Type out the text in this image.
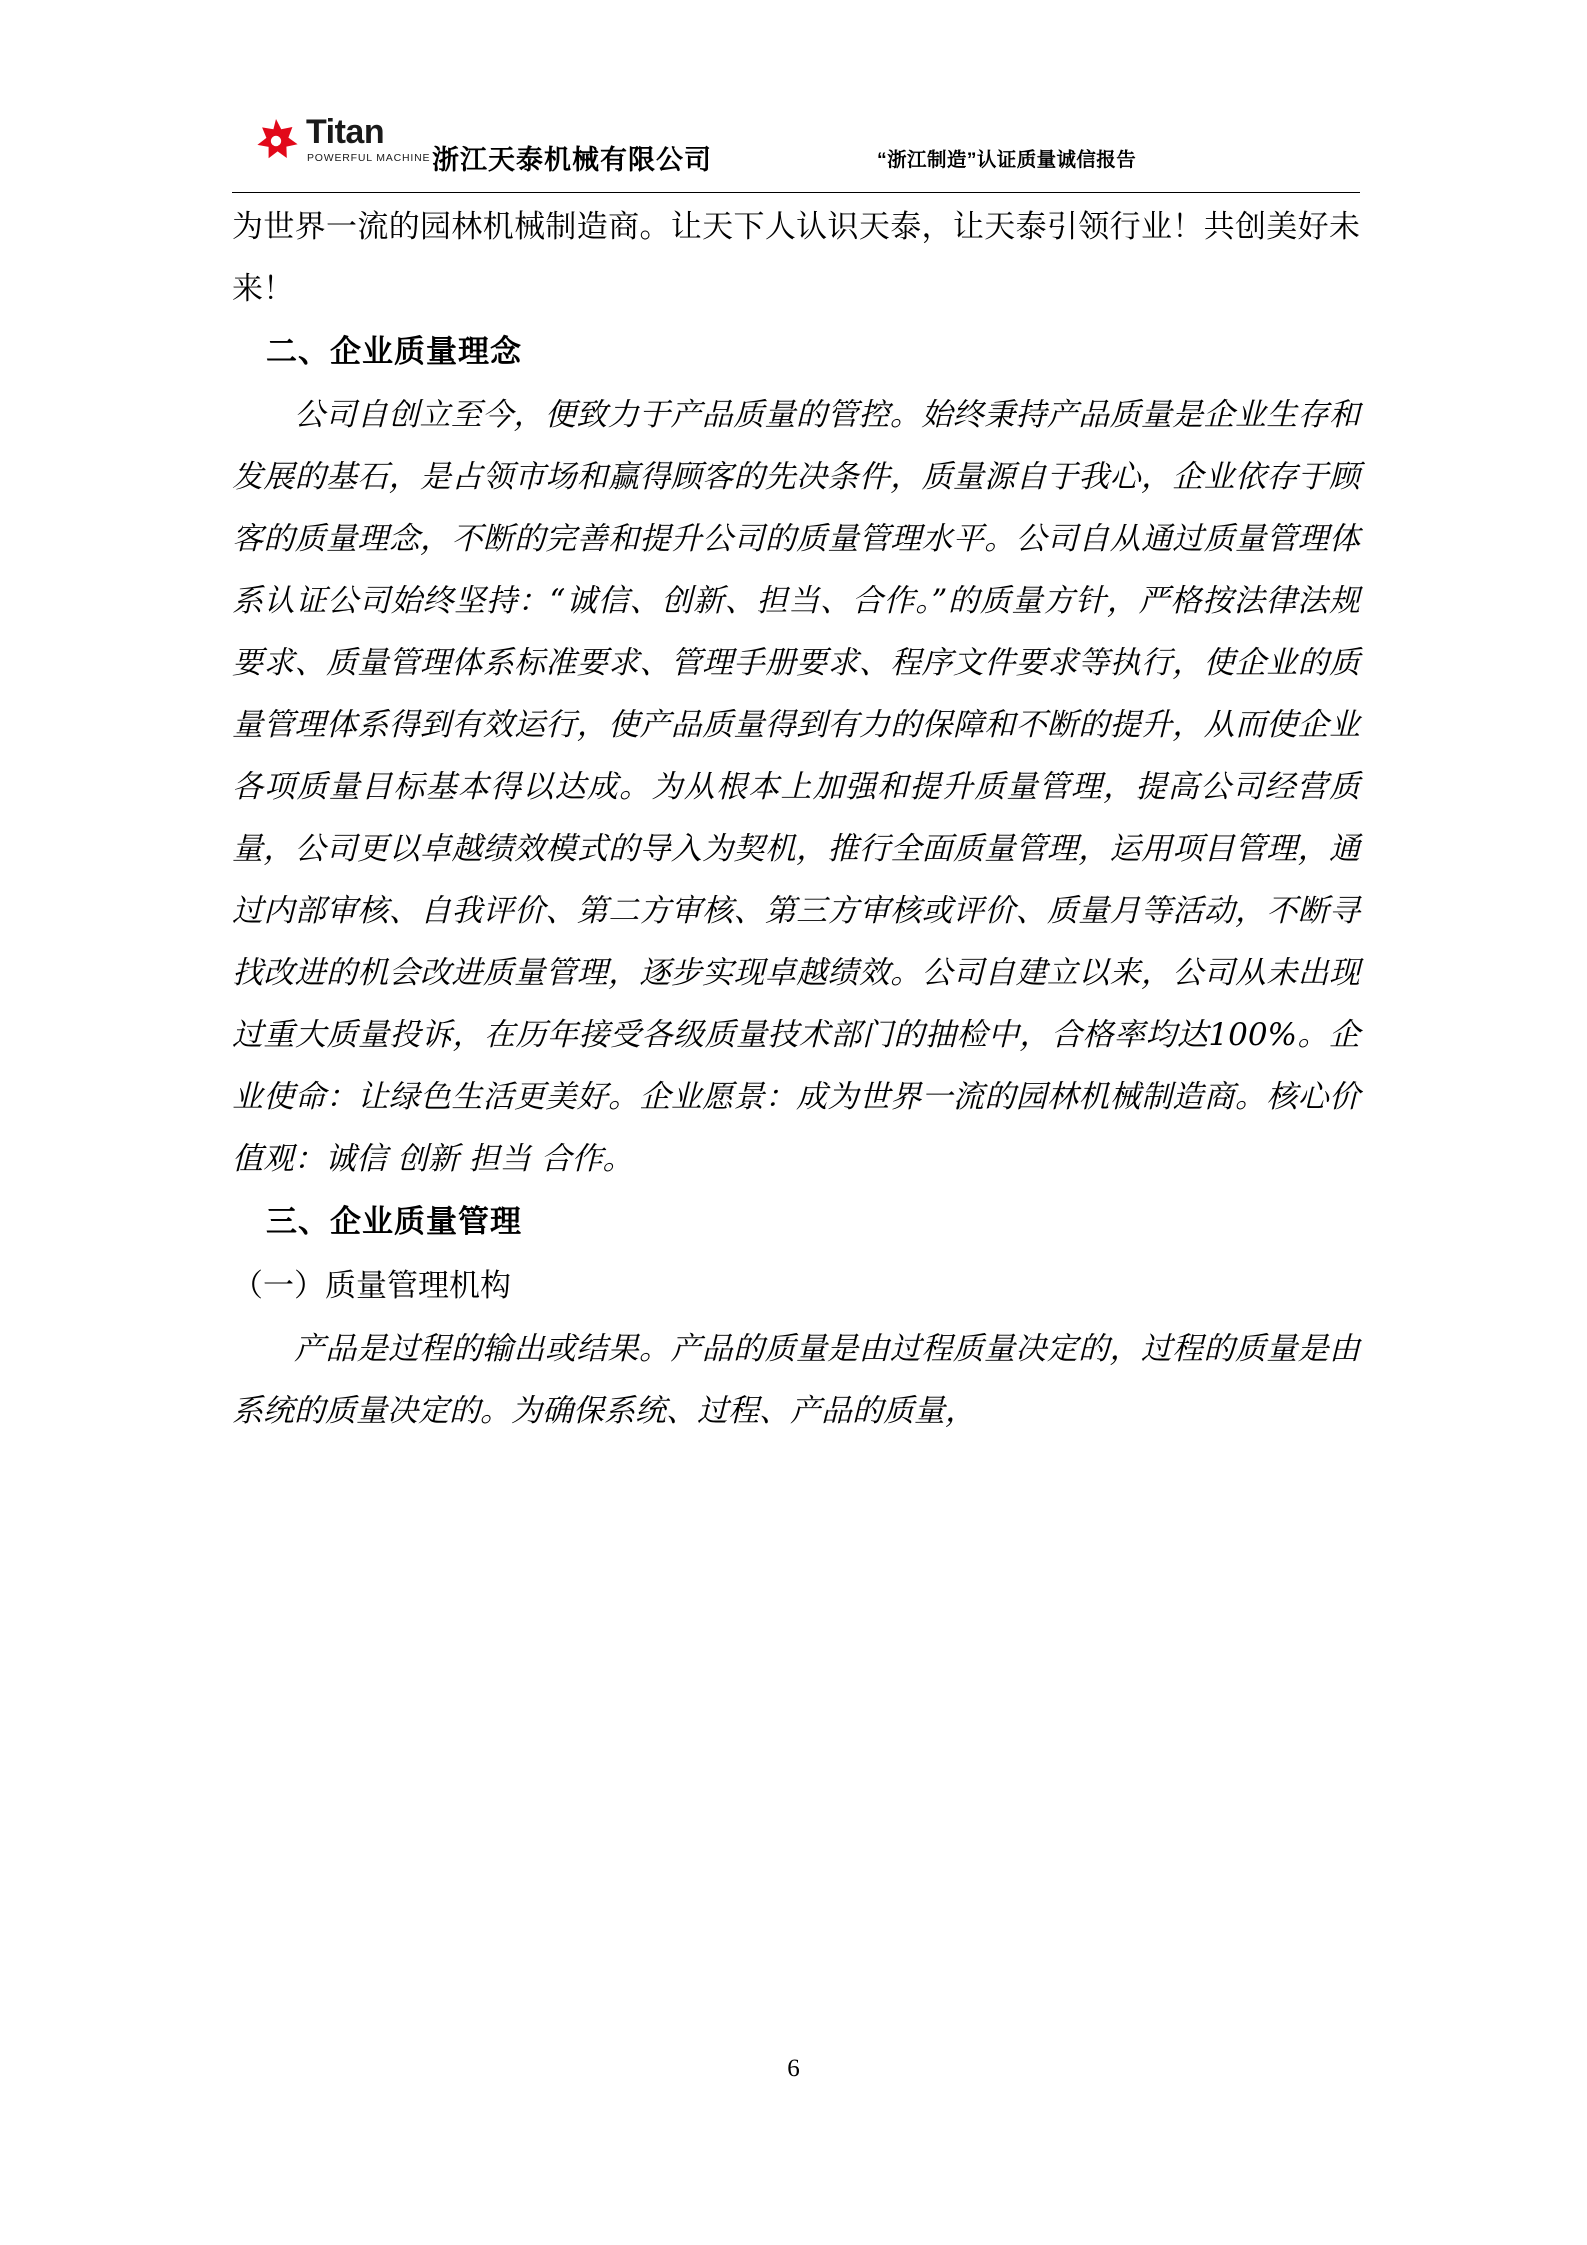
Titan
POWERFUL MACHINE 浙江天泰机械有限公司	“浙江制造”认证质量诚信报告

为世界一流的园林机械制造商。让天下人认识天泰，让天泰引领行业！共创美好未来！

二、企业质量理念

公司自创立至今，便致力于产品质量的管控。始终秉持产品质量是企业生存和发展的基石，是占领市场和赢得顾客的先决条件，质量源自于我心，企业依存于顾客的质量理念，不断的完善和提升公司的质量管理水平。公司自从通过质量管理体系认证公司始终坚持：“诚信、创新、担当、合作。”的质量方针，严格按法律法规要求、质量管理体系标准要求、管理手册要求、程序文件要求等执行，使企业的质量管理体系得到有效运行，使产品质量得到有力的保障和不断的提升，从而使企业各项质量目标基本得以达成。为从根本上加强和提升质量管理，提高公司经营质量，公司更以卓越绩效模式的导入为契机，推行全面质量管理，运用项目管理，通过内部审核、自我评价、第二方审核、第三方审核或评价、质量月等活动，不断寻找改进的机会改进质量管理，逐步实现卓越绩效。公司自建立以来，公司从未出现过重大质量投诉，在历年接受各级质量技术部门的抽检中，合格率均达100%。企业使命：让绿色生活更美好。企业愿景：成为世界一流的园林机械制造商。核心价值观：诚信 创新 担当 合作。

三、企业质量管理

（一）质量管理机构

产品是过程的输出或结果。产品的质量是由过程质量决定的，过程的质量是由系统的质量决定的。为确保系统、过程、产品的质量，

6
